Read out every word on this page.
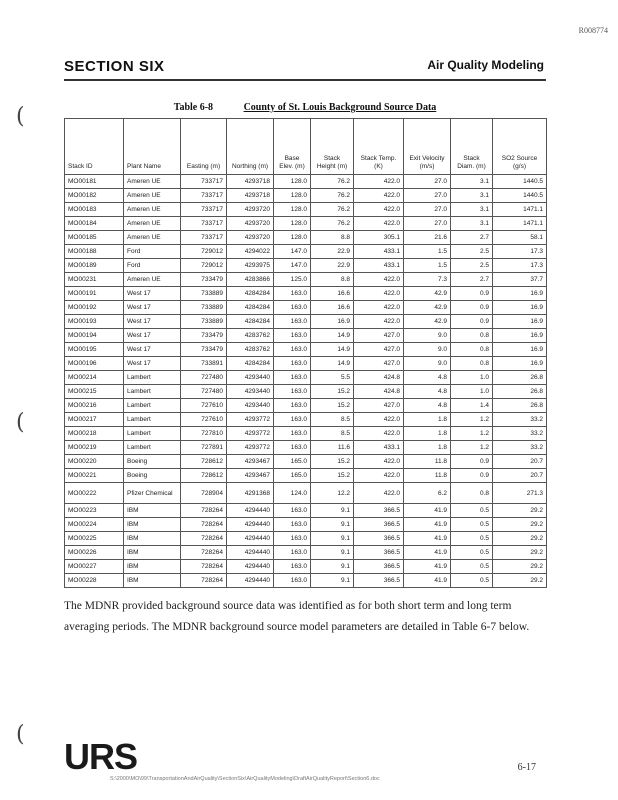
R008774
SECTION SIX	Air Quality Modeling
Table 6-8	County of St. Louis Background Source Data
Stack ID	Plant Name	Easting (m)	Northing (m)	Base Elev. (m)	Stack Height (m)	Stack Temp. (K)	Exit Velocity (m/s)	Stack Diam. (m)	SO2 Source (g/s)
MO00181	Ameren UE	733717	4293718	128.0	76.2	422.0	27.0	3.1	1440.5
MO00182	Ameren UE	733717	4293718	128.0	76.2	422.0	27.0	3.1	1440.5
MO00183	Ameren UE	733717	4293720	128.0	76.2	422.0	27.0	3.1	1471.1
MO00184	Ameren UE	733717	4293720	128.0	76.2	422.0	27.0	3.1	1471.1
MO00185	Ameren UE	733717	4293720	128.0	8.8	305.1	21.6	2.7	58.1
MO00188	Ford	729012	4294022	147.0	22.9	433.1	1.5	2.5	17.3
MO00189	Ford	729012	4293975	147.0	22.9	433.1	1.5	2.5	17.3
MO00231	Ameren UE	733479	4283866	125.0	8.8	422.0	7.3	2.7	37.7
MO00191	West 17	733889	4284284	163.0	16.6	422.0	42.9	0.9	16.9
MO00192	West 17	733889	4284284	163.0	16.6	422.0	42.9	0.9	16.9
MO00193	West 17	733889	4284284	163.0	16.9	422.0	42.9	0.9	16.9
MO00194	West 17	733479	4283762	163.0	14.9	427.0	9.0	0.8	16.9
MO00195	West 17	733479	4283762	163.0	14.9	427.0	9.0	0.8	16.9
MO00196	West 17	733891	4284284	163.0	14.9	427.0	9.0	0.8	16.9
MO00214	Lambert	727480	4293440	163.0	5.5	424.8	4.8	1.0	26.8
MO00215	Lambert	727480	4293440	163.0	15.2	424.8	4.8	1.0	26.8
MO00216	Lambert	727610	4293440	163.0	15.2	427.0	4.8	1.4	26.8
MO00217	Lambert	727610	4293772	163.0	8.5	422.0	1.8	1.2	33.2
MO00218	Lambert	727810	4293772	163.0	8.5	422.0	1.8	1.2	33.2
MO00219	Lambert	727891	4293772	163.0	11.6	433.1	1.8	1.2	33.2
MO00220	Boeing	728612	4293467	165.0	15.2	422.0	11.8	0.9	20.7
MO00221	Boeing	728612	4293467	165.0	15.2	422.0	11.8	0.9	20.7
MO00222	Pfizer Chemical	728904	4291368	124.0	12.2	422.0	6.2	0.8	271.3
MO00223	IBM	728264	4294440	163.0	9.1	366.5	41.9	0.5	29.2
MO00224	IBM	728264	4294440	163.0	9.1	366.5	41.9	0.5	29.2
MO00225	IBM	728264	4294440	163.0	9.1	366.5	41.9	0.5	29.2
MO00226	IBM	728264	4294440	163.0	9.1	366.5	41.9	0.5	29.2
MO00227	IBM	728264	4294440	163.0	9.1	366.5	41.9	0.5	29.2
MO00228	IBM	728264	4294440	163.0	9.1	366.5	41.9	0.5	29.2

The MDNR provided background source data was identified as for both short term and long term averaging periods. The MDNR background source model parameters are detailed in Table 6-7 below.

(
(
(
URS	6-17
S:\2000\MO\99\TransportationAndAirQuality\SectionSix\AirQualityModeling\DraftAirQualityReport\Section6.doc
